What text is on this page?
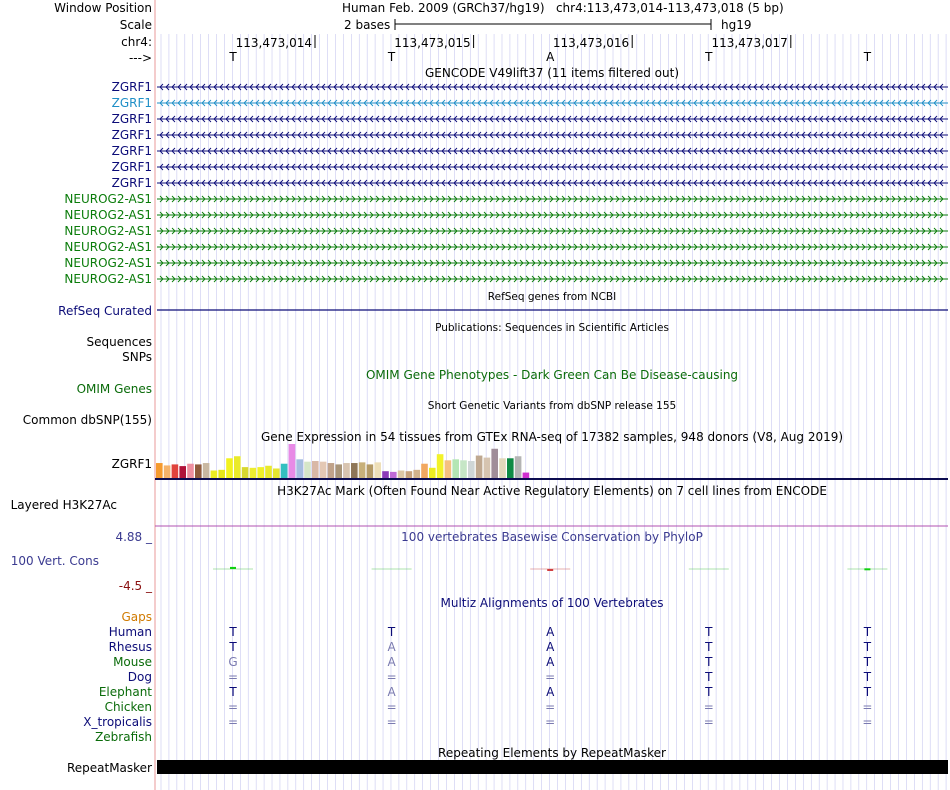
Window Position	Human Feb. 2009 (GRCh37/hg19)   chr4:113,473,014-113,473,018 (5 bp)
Scale	2 bases	hg19
chr4:
--->
113,473,014	113,473,015	113,473,016	113,473,017
T	T	A	T	T
GENCODE V49lift37 (11 items filtered out)
ZGRF1
ZGRF1
ZGRF1
ZGRF1
ZGRF1
ZGRF1
ZGRF1
NEUROG2-AS1
NEUROG2-AS1
NEUROG2-AS1
NEUROG2-AS1
NEUROG2-AS1
NEUROG2-AS1
RefSeq genes from NCBI
RefSeq Curated
Publications: Sequences in Scientific Articles
Sequences
SNPs
OMIM Gene Phenotypes - Dark Green Can Be Disease-causing
OMIM Genes
Short Genetic Variants from dbSNP release 155
Common dbSNP(155)
Gene Expression in 54 tissues from GTEx RNA-seq of 17382 samples, 948 donors (V8, Aug 2019)
ZGRF1
H3K27Ac Mark (Often Found Near Active Regulatory Elements) on 7 cell lines from ENCODE
Layered H3K27Ac
100 vertebrates Basewise Conservation by PhyloP
4.88 _
100 Vert. Cons
-4.5 _
Multiz Alignments of 100 Vertebrates
Gaps
Human	T	T	A	T	T
Rhesus	T	A	A	T	T
Mouse	G	A	A	T	T
Dog	=	=	=	T	T
Elephant	T	A	A	T	T
Chicken	=	=	=	=	=
X_tropicalis	=	=	=	=	=
Zebrafish
Repeating Elements by RepeatMasker
RepeatMasker
